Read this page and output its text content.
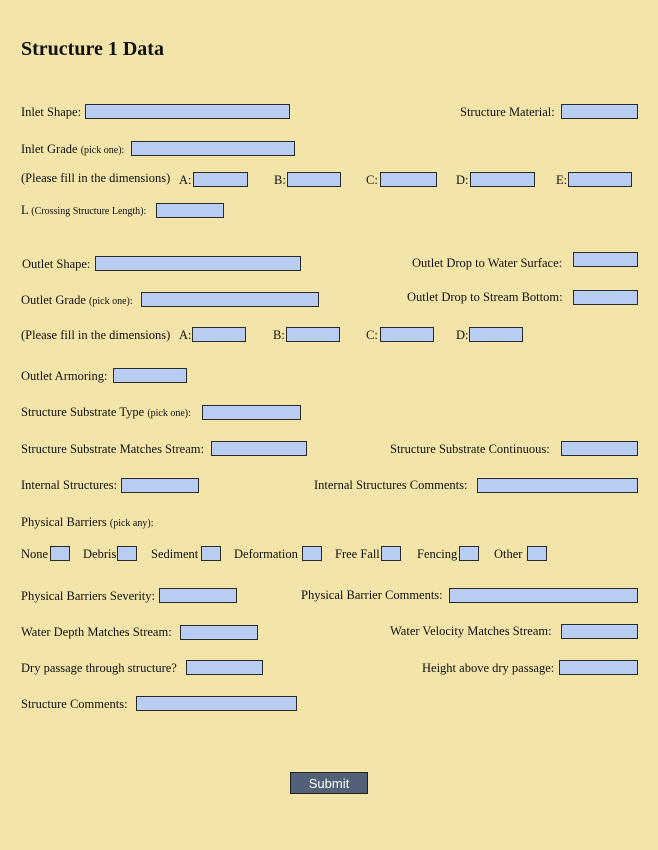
Structure 1 Data
Inlet Shape:	Structure Material:
Inlet Grade (pick one):
(Please fill in the dimensions) A:	B:	C:	D:	E:
L (Crossing Structure Length):
Outlet Shape:	Outlet Drop to Water Surface:
Outlet Grade (pick one):	Outlet Drop to Stream Bottom:
(Please fill in the dimensions) A:	B:	C:	D:
Outlet Armoring:
Structure Substrate Type (pick one):
Structure Substrate Matches Stream:	Structure Substrate Continuous:
Internal Structures:	Internal Structures Comments:
Physical Barriers (pick any):
None	Debris	Sediment	Deformation	Free Fall	Fencing	Other
Physical Barriers Severity:	Physical Barrier Comments:
Water Depth Matches Stream:	Water Velocity Matches Stream:
Dry passage through structure?	Height above dry passage:
Structure Comments:
Submit
